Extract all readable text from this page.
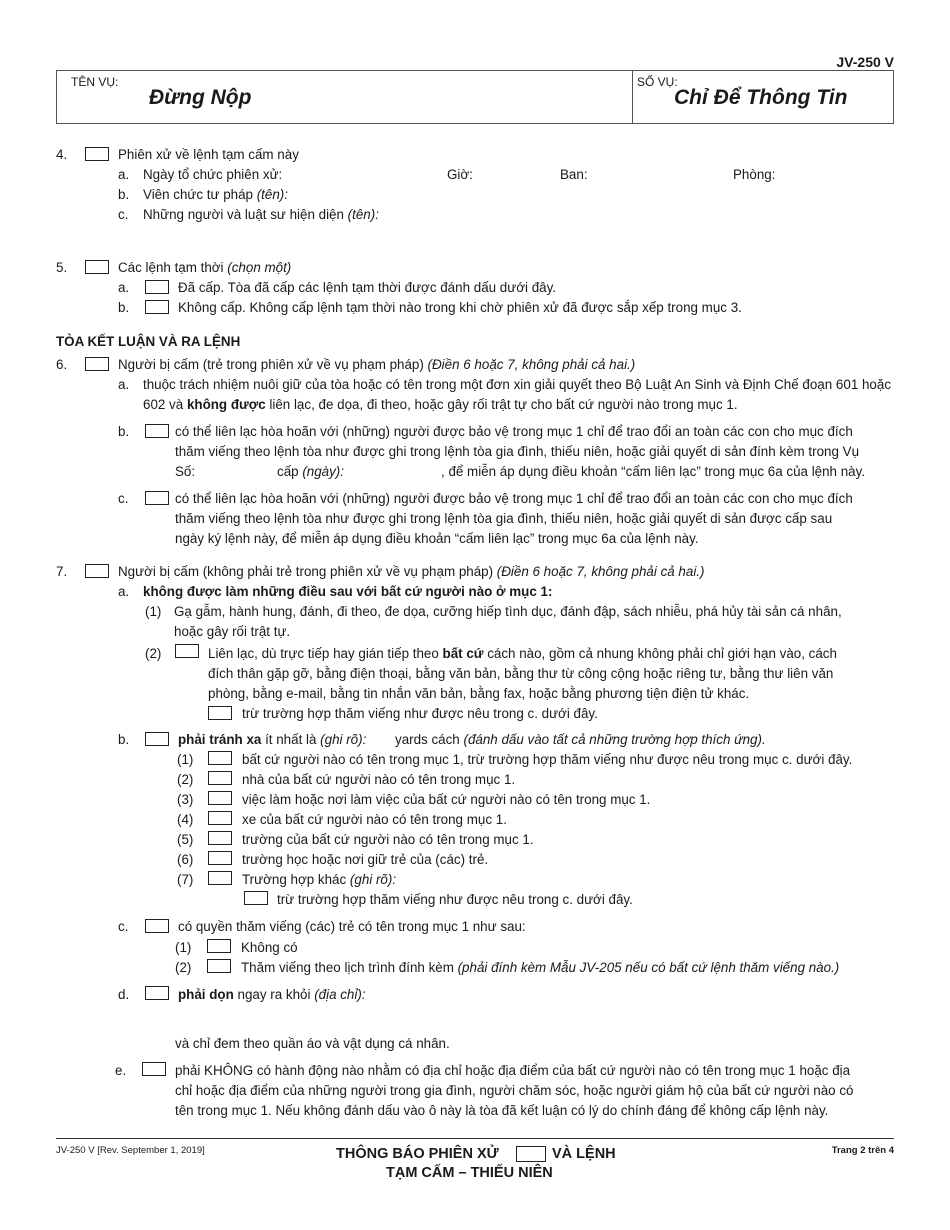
JV-250 V
TÊN VỤ:
Đừng Nộp
SỐ VỤ:
Chỉ Để Thông Tin
4.	Phiên xử về lệnh tạm cấm này
a. Ngày tổ chức phiên xử:	Giờ:	Ban:	Phòng:
b. Viên chức tư pháp (tên):
c. Những người và luật sư hiện diện (tên):
5.	Các lệnh tạm thời (chọn một)
a.	Đã cấp. Tòa đã cấp các lệnh tạm thời được đánh dấu dưới đây.
b.	Không cấp. Không cấp lệnh tạm thời nào trong khi chờ phiên xử đã được sắp xếp trong mục 3.
TÒA KẾT LUẬN VÀ RA LỆNH
6.	Người bị cấm (trẻ trong phiên xử về vụ phạm pháp) (Điền 6 hoặc 7, không phải cả hai.)
a. thuộc trách nhiệm nuôi giữ của tòa hoặc có tên trong một đơn xin giải quyết theo Bộ Luật An Sinh và Định Chế đoạn 601 hoặc
602 và không được liên lạc, đe dọa, đi theo, hoặc gây rối trật tự cho bất cứ người nào trong mục 1.
b.	có thể liên lạc hòa hoãn với (những) người được bảo vệ trong mục 1 chỉ để trao đổi an toàn các con cho mục đích
thăm viếng theo lệnh tòa như được ghi trong lệnh tòa gia đình, thiếu niên, hoặc giải quyết di sản đính kèm trong Vụ
Số:	cấp (ngày):	, để miễn áp dụng điều khoản “cấm liên lạc” trong mục 6a của lệnh này.
c.	có thể liên lạc hòa hoãn với (những) người được bảo vệ trong mục 1 chỉ để trao đổi an toàn các con cho mục đích
thăm viếng theo lệnh tòa như được ghi trong lệnh tòa gia đình, thiếu niên, hoặc giải quyết di sản được cấp sau
ngày ký lệnh này, để miễn áp dụng điều khoản “cấm liên lạc” trong mục 6a của lệnh này.
7.	Người bị cấm (không phải trẻ trong phiên xử về vụ phạm pháp) (Điền 6 hoặc 7, không phải cả hai.)
a. không được làm những điều sau với bất cứ người nào ở mục 1:
(1) Gạ gẫm, hành hung, đánh, đi theo, đe dọa, cưỡng hiếp tình dục, đánh đập, sách nhiễu, phá hủy tài sản cá nhân,
hoặc gây rối trật tự.
(2)	Liên lạc, dù trực tiếp hay gián tiếp theo bất cứ cách nào, gồm cả nhung không phải chỉ giới hạn vào, cách
đích thân gặp gỡ, bằng điện thoại, bằng văn bản, bằng thư từ công cộng hoặc riêng tư, bằng thư liên văn
phòng, bằng e-mail, bằng tin nhắn văn bản, bằng fax, hoặc bằng phương tiện điện tử khác.
trừ trường hợp thăm viếng như được nêu trong c. dưới đây.
b.	phải tránh xa ít nhất là (ghi rõ): yards cách (đánh dấu vào tất cả những trường hợp thích ứng).
(1)	bất cứ người nào có tên trong mục 1, trừ trường hợp thăm viếng như được nêu trong mục c. dưới đây.
(2)	nhà của bất cứ người nào có tên trong mục 1.
(3)	việc làm hoặc nơi làm việc của bất cứ người nào có tên trong mục 1.
(4)	xe của bất cứ người nào có tên trong mục 1.
(5)	trường của bất cứ người nào có tên trong mục 1.
(6)	trường học hoặc nơi giữ trẻ của (các) trẻ.
(7)	Trường hợp khác (ghi rõ):
trừ trường hợp thăm viếng như được nêu trong c. dưới đây.
c.	có quyền thăm viếng (các) trẻ có tên trong mục 1 như sau:
(1)	Không có
(2)	Thăm viếng theo lịch trình đính kèm (phải đính kèm Mẫu JV-205 nếu có bất cứ lệnh thăm viếng nào.)
d.	phải dọn ngay ra khỏi (địa chỉ):
và chỉ đem theo quần áo và vật dụng cá nhân.
e.	phải KHÔNG có hành động nào nhằm có địa chỉ hoặc địa điểm của bất cứ người nào có tên trong mục 1 hoặc địa
chỉ hoặc địa điểm của những người trong gia đình, người chăm sóc, hoặc người giám hộ của bất cứ người nào có
tên trong mục 1. Nếu không đánh dấu vào ô này là tòa đã kết luận có lý do chính đáng để không cấp lệnh này.
JV-250 V [Rev. September 1, 2019]	THÔNG BÁO PHIÊN XỬ	VÀ LỆNH
TẠM CẤM – THIẾU NIÊN
Trang 2 trên 4
